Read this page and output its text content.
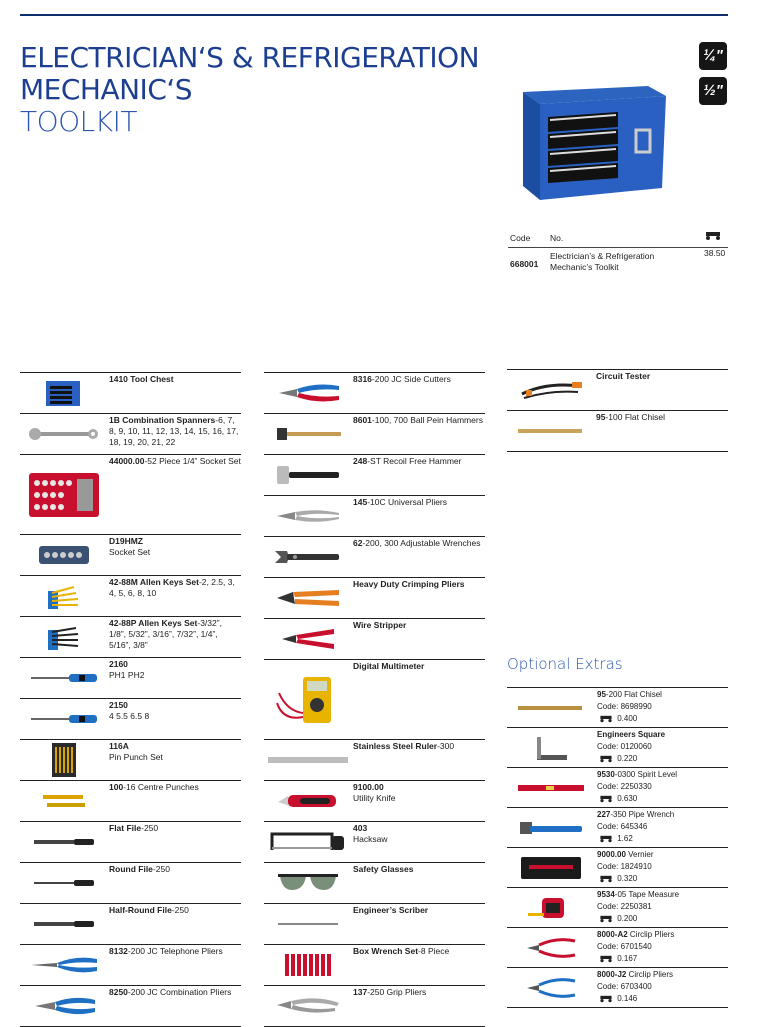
ELECTRICIAN‘S & REFRIGERATION
MECHANIC‘S
TOOLKIT
¼"
½"
Code No.
668001
Electrician’s & Refrigeration Mechanic’s Toolkit
38.50
1410 Tool Chest
1B Combination Spanners-6, 7, 8, 9, 10, 11, 12, 13, 14, 15, 16, 17, 18, 19, 20, 21, 22
44000.00-52 Piece 1/4” Socket Set
D19HMZ
Socket Set
42-88M Allen Keys Set-2, 2.5, 3, 4, 5, 6, 8, 10
42-88P Allen Keys Set-3/32”, 1/8”, 5/32”, 3/16”, 7/32”, 1/4”, 5/16”, 3/8”
2160
PH1 PH2
2150
4 5.5 6.5 8
116A
Pin Punch Set
100-16 Centre Punches
Flat File-250
Round File-250
Half-Round File-250
8132-200 JC Telephone Pliers
8250-200 JC Combination Pliers
8316-200 JC Side Cutters
8601-100, 700 Ball Pein Hammers
248-ST Recoil Free Hammer
145-10C Universal Pliers
62-200, 300 Adjustable Wrenches
Heavy Duty Crimping Pliers
Wire Stripper
Digital Multimeter
Stainless Steel Ruler-300
9100.00
Utility Knife
403
Hacksaw
Safety Glasses
Engineer’s Scriber
Box Wrench Set-8 Piece
137-250 Grip Pliers
Circuit Tester
95-100 Flat Chisel
Optional Extras
95-200 Flat Chisel
Code: 8698990
0.400
Engineers Square
Code: 0120060
0.220
9530-0300 Spirit Level
Code: 2250330
0.630
227-350 Pipe Wrench
Code: 645346
1.62
9000.00 Vernier
Code: 1824910
0.320
9534-05 Tape Measure
Code: 2250381
0.200
8000-A2 Circlip Pliers
Code: 6701540
0.167
8000-J2 Circlip Pliers
Code: 6703400
0.146
